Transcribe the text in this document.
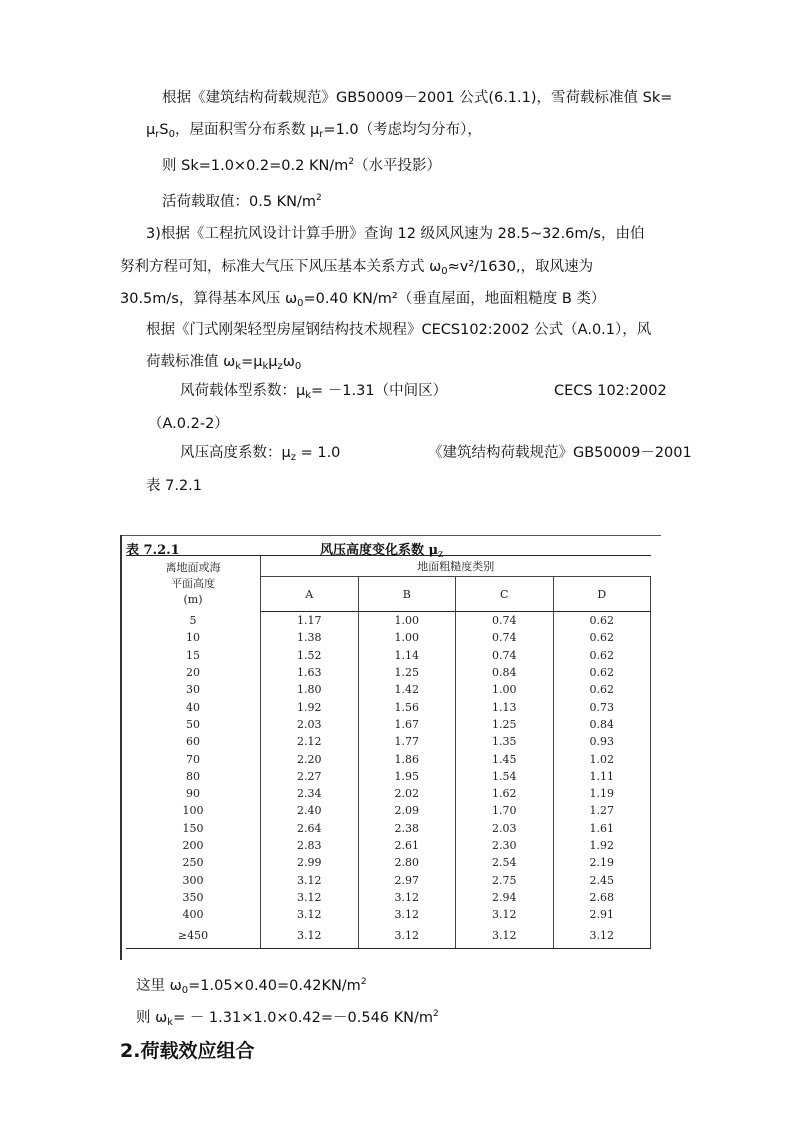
根据《建筑结构荷载规范》GB50009－2001 公式(6.1.1)，雪荷载标准值 Sk=
$\mu_rS_0$，屋面积雪分布系数 $\mu_r=1.0$（考虑均匀分布），
则 Sk=1.0×0.2=0.2 $KN/m^2$（水平投影）
活荷载取值：0.5 $KN/m^2$
3)根据《工程抗风设计计算手册》查询 12 级风风速为 28.5~32.6m/s，由伯
努利方程可知，标准大气压下风压基本关系方式 $\omega_0\approx v^2/1630$,，取风速为
30.5m/s，算得基本风压 $\omega_0=0.40$ KN/m²（垂直屋面，地面粗糙度 B 类）
根据《门式刚架轻型房屋钢结构技术规程》CECS102:2002 公式（A.0.1），风
荷载标准值 $\omega_k=\mu_k\mu_z\omega_0$
风荷载体型系数：$\mu_k= -1.31$（中间区）	CECS 102:2002
（A.0.2-2）
风压高度系数：$\mu_z = 1.0$	《建筑结构荷载规范》GB50009－2001
表 7.2.1
表 7.2.1	风压高度变化系数 $\mu_z$
离地面或海
平面高度
(m)	地面粗糙度类别			
	A	B	C	D
5	1.17	1.00	0.74	0.62
10	1.38	1.00	0.74	0.62
15	1.52	1.14	0.74	0.62
20	1.63	1.25	0.84	0.62
30	1.80	1.42	1.00	0.62
40	1.92	1.56	1.13	0.73
50	2.03	1.67	1.25	0.84
60	2.12	1.77	1.35	0.93
70	2.20	1.86	1.45	1.02
80	2.27	1.95	1.54	1.11
90	2.34	2.02	1.62	1.19
100	2.40	2.09	1.70	1.27
150	2.64	2.38	2.03	1.61
200	2.83	2.61	2.30	1.92
250	2.99	2.80	2.54	2.19
300	3.12	2.97	2.75	2.45
350	3.12	3.12	2.94	2.68
400	3.12	3.12	3.12	2.91
≥450	3.12	3.12	3.12	3.12
这里 $\omega_0=1.05\times 0.40=0.42KN/m^2$
则 $\omega_k= - 1.31\times 1.0\times 0.42=-0.546$ $KN/m^2$
2.荷载效应组合
